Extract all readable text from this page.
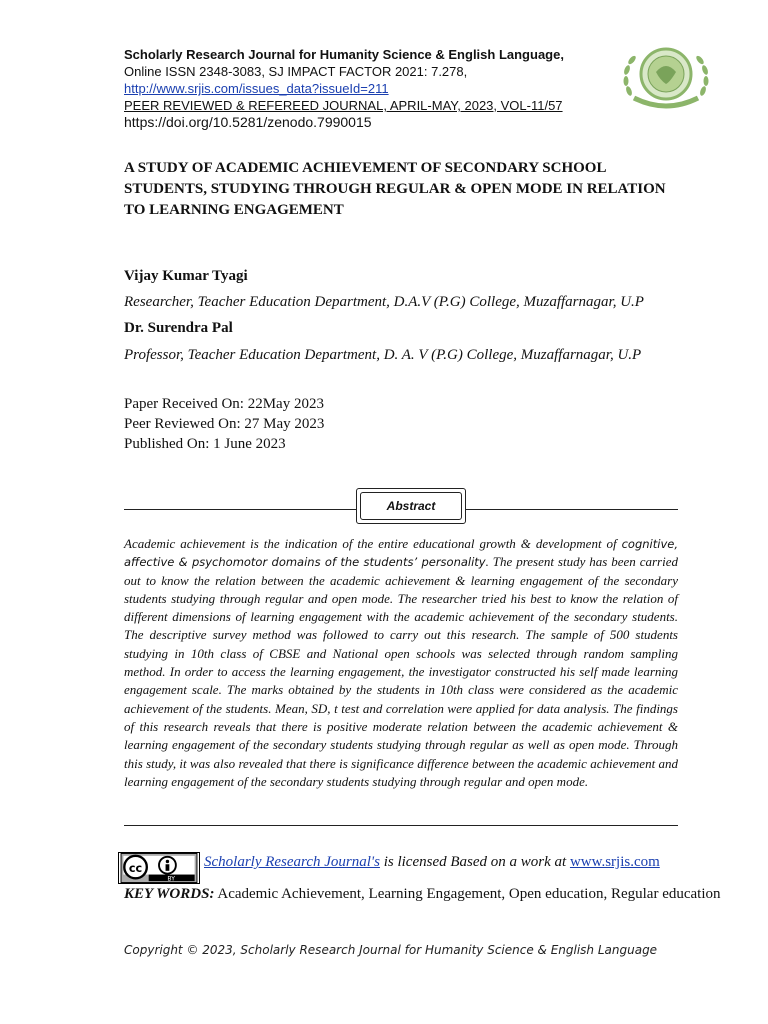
Scholarly Research Journal for Humanity Science & English Language,
Online ISSN 2348-3083, SJ IMPACT FACTOR 2021: 7.278,
http://www.srjis.com/issues_data?issueId=211
PEER REVIEWED & REFEREED JOURNAL, APRIL-MAY, 2023, VOL-11/57
https://doi.org/10.5281/zenodo.7990015
A STUDY OF ACADEMIC ACHIEVEMENT OF SECONDARY SCHOOL STUDENTS, STUDYING THROUGH REGULAR & OPEN MODE IN RELATION TO LEARNING ENGAGEMENT
Vijay Kumar Tyagi
Researcher, Teacher Education Department, D.A.V (P.G) College, Muzaffarnagar, U.P
Dr. Surendra Pal
Professor, Teacher Education Department, D. A. V (P.G) College, Muzaffarnagar, U.P
Paper Received On: 22May 2023
Peer Reviewed On: 27 May 2023
Published On: 1 June 2023
Abstract
Academic achievement is the indication of the entire educational growth & development of cognitive, affective & psychomotor domains of the students’ personality. The present study has been carried out to know the relation between the academic achievement & learning engagement of the secondary students studying through regular and open mode. The researcher tried his best to know the relation of different dimensions of learning engagement with the academic achievement of the secondary students. The descriptive survey method was followed to carry out this research. The sample of 500 students studying in 10th class of CBSE and National open schools was selected through random sampling method. In order to access the learning engagement, the investigator constructed his self made learning engagement scale. The marks obtained by the students in 10th class were considered as the academic achievement of the students. Mean, SD, t test and correlation were applied for data analysis. The findings of this research reveals that there is positive moderate relation between the academic achievement & learning engagement of the secondary students studying through regular as well as open mode. Through this study, it was also revealed that there is significance difference between the academic achievement and learning engagement of the secondary students studying through regular and open mode.
cc
BY
Scholarly Research Journal's is licensed Based on a work at www.srjis.com
KEY WORDS: Academic Achievement, Learning Engagement, Open education, Regular education
Copyright © 2023, Scholarly Research Journal for Humanity Science & English Language
